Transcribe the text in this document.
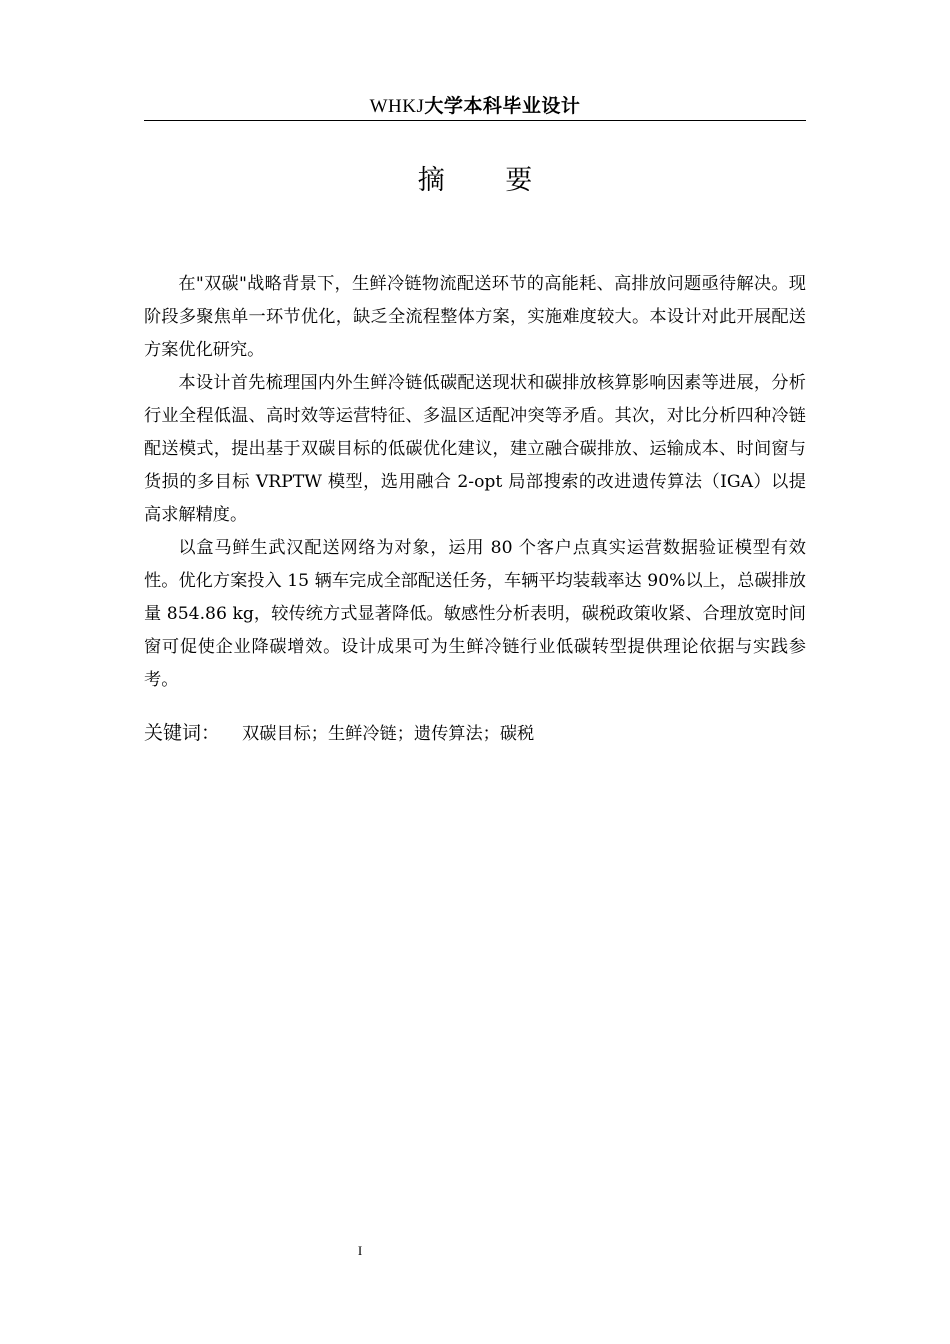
WHKJ大学本科毕业设计
摘 要

在"双碳"战略背景下，生鲜冷链物流配送环节的高能耗、高排放问题亟待解决。现阶段多聚焦单一环节优化，缺乏全流程整体方案，实施难度较大。本设计对此开展配送方案优化研究。

本设计首先梳理国内外生鲜冷链低碳配送现状和碳排放核算影响因素等进展，分析行业全程低温、高时效等运营特征、多温区适配冲突等矛盾。其次，对比分析四种冷链配送模式，提出基于双碳目标的低碳优化建议，建立融合碳排放、运输成本、时间窗与货损的多目标 VRPTW 模型，选用融合 2-opt 局部搜索的改进遗传算法（IGA）以提高求解精度。

以盒马鲜生武汉配送网络为对象，运用 80 个客户点真实运营数据验证模型有效性。优化方案投入 15 辆车完成全部配送任务，车辆平均装载率达 90%以上，总碳排放量 854.86 kg，较传统方式显著降低。敏感性分析表明，碳税政策收紧、合理放宽时间窗可促使企业降碳增效。设计成果可为生鲜冷链行业低碳转型提供理论依据与实践参考。

关键词： 双碳目标；生鲜冷链；遗传算法；碳税
I
